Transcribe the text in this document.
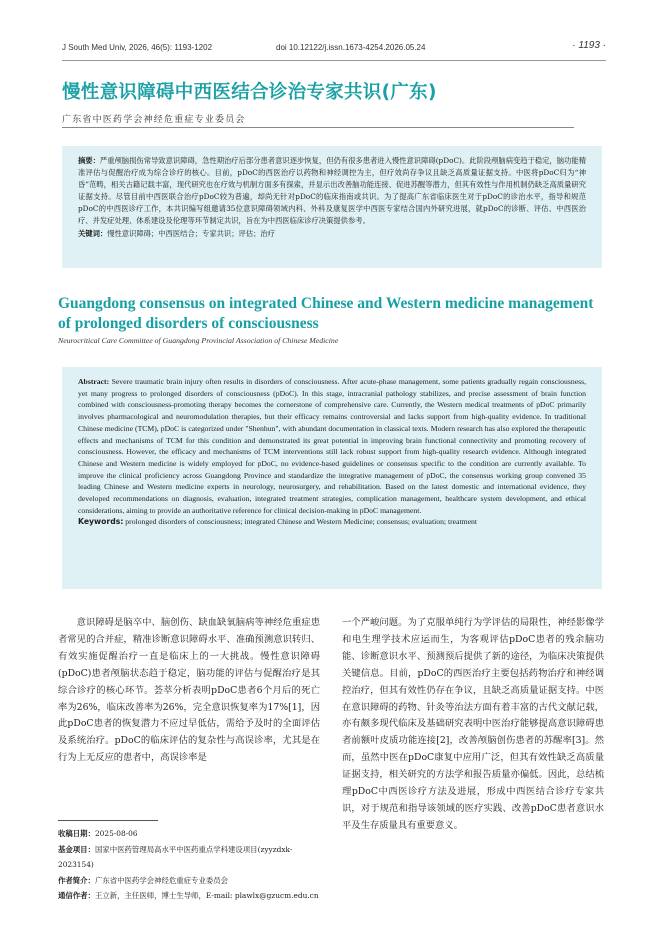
J South Med Univ, 2026, 46(5): 1193-1202	doi 10.12122/j.issn.1673-4254.2026.05.24	· 1193 ·
慢性意识障碍中西医结合诊治专家共识(广东)
广东省中医药学会神经危重症专业委员会
摘要：严重颅脑损伤常导致意识障碍，急性期治疗后部分患者意识逐步恢复，但仍有很多患者进入慢性意识障碍(pDoC)。此阶段颅脑病变趋于稳定，脑功能精准评估与促醒治疗成为综合诊疗的核心。目前，pDoC的西医治疗以药物和神经调控为主，但疗效尚存争议且缺乏高质量证据支持。中医将pDoC归为“神昏”范畴，相关古籍记载丰富，现代研究也在疗效与机制方面多有探索，并显示出改善脑功能连接、促进苏醒等潜力，但其有效性与作用机制仍缺乏高质量研究证据支持。尽管目前中西医联合治疗pDoC较为普遍，却尚无针对pDoC的临床指南或共识。为了提高广东省临床医生对于pDoC的诊治水平，指导和规范pDoC的中西医诊疗工作，本共识编写组邀请35位意识障碍领域内科、外科及康复医学中西医专家结合国内外研究进展，就pDoC的诊断、评估、中西医治疗、并发症处理、体系建设及伦理等环节制定共识，旨在为中西医临床诊疗决策提供参考。
关键词：慢性意识障碍；中西医结合；专家共识；评估；治疗
Guangdong consensus on integrated Chinese and Western medicine management of prolonged disorders of consciousness
Neurocritical Care Committee of Guangdong Provincial Association of Chinese Medicine
Abstract: Severe traumatic brain injury often results in disorders of consciousness. After acute-phase management, some patients gradually regain consciousness, yet many progress to prolonged disorders of consciousness (pDoC). In this stage, intracranial pathology stabilizes, and precise assessment of brain function combined with consciousness-promoting therapy becomes the cornerstone of comprehensive care. Currently, the Western medical treatments of pDoC primarily involves pharmacological and neuromodulation therapies, but their efficacy remains controversial and lacks support from high-quality evidence. In traditional Chinese medicine (TCM), pDoC is categorized under "Shenhun", with abundant documentation in classical texts. Modern research has also explored the therapeutic effects and mechanisms of TCM for this condition and demonstrated its great potential in improving brain functional connectivity and promoting recovery of consciousness. However, the efficacy and mechanisms of TCM interventions still lack robust support from high-quality research evidence. Although integrated Chinese and Western medicine is widely employed for pDoC, no evidence-based guidelines or consensus specific to the condition are currently available. To improve the clinical proficiency across Guangdong Province and standardize the integrative management of pDoC, the consensus working group convened 35 leading Chinese and Western medicine experts in neurology, neurosurgery, and rehabilitation. Based on the latest domestic and international evidence, they developed recommendations on diagnosis, evaluation, integrated treatment strategies, complication management, healthcare system development, and ethical considerations, aiming to provide an authoritative reference for clinical decision-making in pDoC management.
Keywords: prolonged disorders of consciousness; integrated Chinese and Western Medicine; consensus; evaluation; treatment

意识障碍是脑卒中、脑创伤、缺血缺氧脑病等神经危重症患者常见的合并症，精准诊断意识障碍水平、准确预测意识转归、有效实施促醒治疗一直是临床上的一大挑战。慢性意识障碍(pDoC)患者颅脑状态趋于稳定，脑功能的评估与促醒治疗是其综合诊疗的核心环节。荟萃分析表明pDoC患者6个月后的死亡率为26%，临床改善率为26%，完全意识恢复率为17%[1]，因此pDoC患者的恢复潜力不应过早低估，需给予及时的全面评估及系统治疗。pDoC的临床评估的复杂性与高误诊率，尤其是在行为上无反应的患者中，高误诊率是

一个严峻问题。为了克服单纯行为学评估的局限性，神经影像学和电生理学技术应运而生，为客观评估pDoC患者的残余脑功能、诊断意识水平、预测预后提供了新的途径，为临床决策提供关键信息。目前，pDoC的西医治疗主要包括药物治疗和神经调控治疗，但其有效性仍存在争议，且缺乏高质量证据支持。中医在意识障碍的药物、针灸等治法方面有着丰富的古代文献记载，亦有颇多现代临床及基础研究表明中医治疗能够提高意识障碍患者前额叶皮质功能连接[2]，改善颅脑创伤患者的苏醒率[3]。然而，虽然中医在pDoC康复中应用广泛，但其有效性缺乏高质量证据支持，相关研究的方法学和报告质量亦偏低。因此，总结梳理pDoC中西医诊疗方法及进展，形成中西医结合诊疗专家共识，对于规范和指导该领域的医疗实践、改善pDoC患者意识水平及生存质量具有重要意义。

收稿日期：2025-08-06
基金项目：国家中医药管理局高水平中医药重点学科建设项目(zyyzdxk-2023154)
作者简介：广东省中医药学会神经危重症专业委员会
通信作者：王立新，主任医师，博士生导师，E-mail: plawlx@gzucm.edu.cn
